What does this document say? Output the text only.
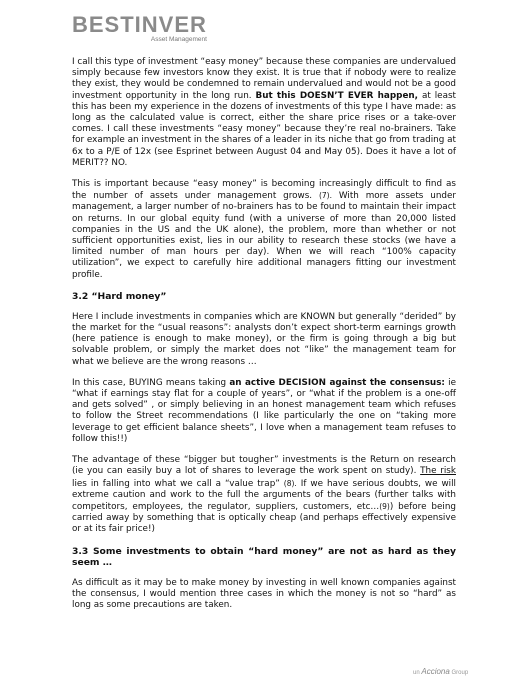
BESTINVER
Asset Management

I call this type of investment “easy money” because these companies are undervalued simply because few investors know they exist. It is true that if nobody were to realize they exist, they would be condemned to remain undervalued and would not be a good investment opportunity in the long run. But this DOESN’T EVER happen, at least this has been my experience in the dozens of investments of this type I have made: as long as the calculated value is correct, either the share price rises or a take-over comes. I call these investments “easy money” because they’re real no-brainers. Take for example an investment in the shares of a leader in its niche that go from trading at 6x to a P/E of 12x (see Esprinet between August 04 and May 05). Does it have a lot of MERIT?? NO.

This is important because “easy money” is becoming increasingly difficult to find as the number of assets under management grows. (7). With more assets under management, a larger number of no-brainers has to be found to maintain their impact on returns. In our global equity fund (with a universe of more than 20,000 listed companies in the US and the UK alone), the problem, more than whether or not sufficient opportunities exist, lies in our ability to research these stocks (we have a limited number of man hours per day). When we will reach “100% capacity utilization”, we expect to carefully hire additional managers fitting our investment profile.

3.2 “Hard money”

Here I include investments in companies which are KNOWN but generally “derided” by the market for the “usual reasons”: analysts don’t expect short-term earnings growth (here patience is enough to make money), or the firm is going through a big but solvable problem, or simply the market does not “like” the management team for what we believe are the wrong reasons …

In this case, BUYING means taking an active DECISION against the consensus: ie “what if earnings stay flat for a couple of years”, or “what if the problem is a one-off and gets solved” , or simply believing in an honest management team which refuses to follow the Street recommendations (I like particularly the one on “taking more leverage to get efficient balance sheets”, I love when a management team refuses to follow this!!)

The advantage of these “bigger but tougher” investments is the Return on research (ie you can easily buy a lot of shares to leverage the work spent on study). The risk lies in falling into what we call a “value trap” (8). If we have serious doubts, we will extreme caution and work to the full the arguments of the bears (further talks with competitors, employees, the regulator, suppliers, customers, etc…(9)) before being carried away by something that is optically cheap (and perhaps effectively expensive or at its fair price!)

3.3 Some investments to obtain “hard money” are not as hard as they seem …

As difficult as it may be to make money by investing in well known companies against the consensus, I would mention three cases in which the money is not so “hard” as long as some precautions are taken.

un Acciona Group
